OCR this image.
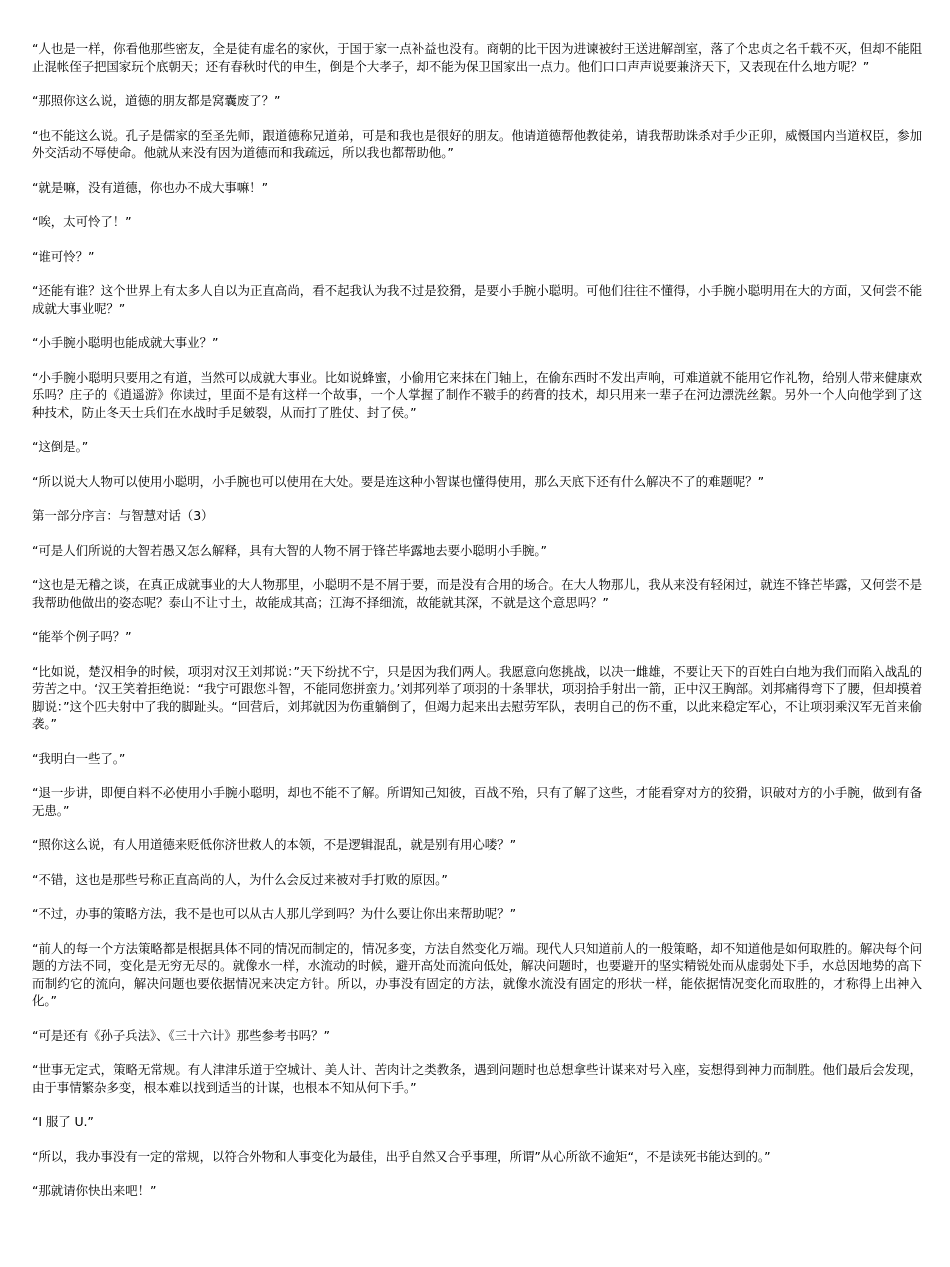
“人也是一样，你看他那些密友，全是徒有虚名的家伙，于国于家一点补益也没有。商朝的比干因为进谏被纣王送进解剖室，落了个忠贞之名千载不灭，但却不能阻止混帐侄子把国家玩个底朝天；还有春秋时代的申生，倒是个大孝子，却不能为保卫国家出一点力。他们口口声声说要兼济天下，又表现在什么地方呢？”

“那照你这么说，道德的朋友都是窝囊废了？”

“也不能这么说。孔子是儒家的至圣先师，跟道德称兄道弟，可是和我也是很好的朋友。他请道德帮他教徒弟，请我帮助诛杀对手少正卯，威慑国内当道权臣，参加外交活动不辱使命。他就从来没有因为道德而和我疏远，所以我也都帮助他。”

“就是嘛，没有道德，你也办不成大事嘛！”

“唉，太可怜了！”

“谁可怜？”

“还能有谁？这个世界上有太多人自以为正直高尚，看不起我认为我不过是狡猾，是要小手腕小聪明。可他们往往不懂得，小手腕小聪明用在大的方面，又何尝不能成就大事业呢？”

“小手腕小聪明也能成就大事业？”

“小手腕小聪明只要用之有道，当然可以成就大事业。比如说蜂蜜，小偷用它来抹在门轴上，在偷东西时不发出声响，可难道就不能用它作礼物，给别人带来健康欢乐吗？庄子的《逍遥游》你读过，里面不是有这样一个故事，一个人掌握了制作不皲手的药膏的技术，却只用来一辈子在河边漂洗丝絮。另外一个人向他学到了这种技术，防止冬天士兵们在水战时手足皴裂，从而打了胜仗、封了侯。”

“这倒是。”

“所以说大人物可以使用小聪明，小手腕也可以使用在大处。要是连这种小智谋也懂得使用，那么天底下还有什么解决不了的难题呢？”

第一部分序言：与智慧对话（3）

“可是人们所说的大智若愚又怎么解释，具有大智的人物不屑于锋芒毕露地去要小聪明小手腕。”

“这也是无稽之谈，在真正成就事业的大人物那里，小聪明不是不屑于要，而是没有合用的场合。在大人物那儿，我从来没有轻闲过，就连不锋芒毕露，又何尝不是我帮助他做出的姿态呢？泰山不让寸土，故能成其高；江海不择细流，故能就其深，不就是这个意思吗？”

“能举个例子吗？”

“比如说，楚汉相争的时候，项羽对汉王刘邦说：”天下纷扰不宁，只是因为我们两人。我愿意向您挑战，以决一雌雄，不要让天下的百姓白白地为我们而陷入战乱的劳苦之中。‘汉王笑着拒绝说：“我宁可跟您斗智，不能同您拼蛮力。’刘邦列举了项羽的十条罪状，项羽拾手射出一箭，正中汉王胸部。刘邦痛得弯下了腰，但却摸着脚说：”这个匹夫射中了我的脚趾头。“回营后，刘邦就因为伤重躺倒了，但竭力起来出去慰劳军队，表明自己的伤不重，以此来稳定军心，不让项羽乘汉军无首来偷袭。”

“我明白一些了。”

“退一步讲，即便自料不必使用小手腕小聪明，却也不能不了解。所谓知己知彼，百战不殆，只有了解了这些，才能看穿对方的狡猾，识破对方的小手腕，做到有备无患。”

“照你这么说，有人用道德来贬低你济世救人的本领，不是逻辑混乱，就是别有用心喽？”

“不错，这也是那些号称正直高尚的人，为什么会反过来被对手打败的原因。”

“不过，办事的策略方法，我不是也可以从古人那儿学到吗？为什么要让你出来帮助呢？”

“前人的每一个方法策略都是根据具体不同的情况而制定的，情况多变，方法自然变化万端。现代人只知道前人的一般策略，却不知道他是如何取胜的。解决每个问题的方法不同，变化是无穷无尽的。就像水一样，水流动的时候，避开高处而流向低处，解决问题时，也要避开的坚实精锐处而从虚弱处下手，水总因地势的高下而制约它的流向，解决问题也要依据情况来决定方针。所以，办事没有固定的方法，就像水流没有固定的形状一样，能依据情况变化而取胜的，才称得上出神入化。”

“可是还有《孙子兵法》、《三十六计》那些参考书吗？”

“世事无定式，策略无常规。有人津津乐道于空城计、美人计、苦肉计之类教条，遇到问题时也总想拿些计谋来对号入座，妄想得到神力而制胜。他们最后会发现，由于事情繁杂多变，根本难以找到适当的计谋，也根本不知从何下手。”

“I 服了 U.”

“所以，我办事没有一定的常规，以符合外物和人事变化为最佳，出乎自然又合乎事理，所谓”从心所欲不逾矩“，不是读死书能达到的。”

“那就请你快出来吧！”
